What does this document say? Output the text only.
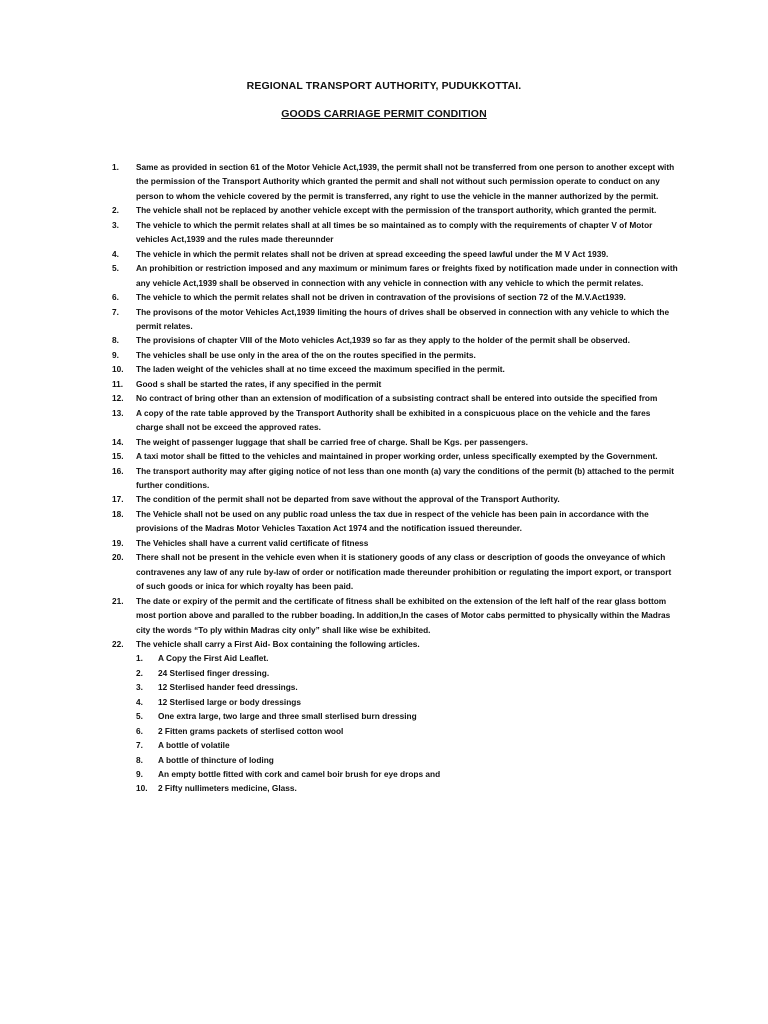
REGIONAL TRANSPORT AUTHORITY, PUDUKKOTTAI.
GOODS CARRIAGE PERMIT CONDITION
1.	Same as provided in section 61 of the Motor Vehicle Act,1939, the permit shall not be transferred from one person to another except with the permission of the Transport Authority which granted the permit and shall not without such permission operate to conduct on any person to whom the vehicle covered by the permit is transferred, any right to use the vehicle in the manner authorized by the permit.
2.	The vehicle shall not be replaced by another vehicle except with the permission of the transport authority, which granted the permit.
3.	The vehicle to which the permit relates shall at all times be so maintained as to comply with the requirements of chapter V of Motor vehicles Act,1939 and the rules made thereunnder
4.	The vehicle in which the permit relates shall not be driven at spread exceeding the speed lawful under the M V Act 1939.
5.	An prohibition or restriction imposed and any maximum or minimum fares or freights fixed by notification made under in connection with any vehicle Act,1939 shall be observed in connection with any vehicle in connection with any vehicle to which the permit relates.
6.	The vehicle to which the permit relates shall not be driven in contravation of the provisions of section 72 of the M.V.Act1939.
7.	The provisons of the motor Vehicles Act,1939 limiting the hours of drives shall be observed in connection with any vehicle to which the permit relates.
8.	The provisions of chapter VIII of the Moto vehicles Act,1939 so far as they apply to the holder of the permit shall be observed.
9.	The vehicles shall be use only in the area of the on the routes specified in the permits.
10.	The laden weight of the vehicles shall at no time exceed the maximum specified in the permit.
11.	Good s shall be started the rates, if any specified in the permit
12.	No contract of bring other than an extension of modification of a subsisting contract shall be entered into outside the specified from
13.	A copy of the rate table approved by the Transport Authority shall be exhibited in a conspicuous place on the vehicle and the fares charge shall not be exceed the approved rates.
14.	The weight of passenger luggage that shall be carried free of charge. Shall be Kgs. per passengers.
15.	A taxi motor shall be fitted to the vehicles and maintained in proper working order, unless specifically exempted by the Government.
16.	The transport authority may after giging notice of not less than one month (a) vary the conditions of the permit (b) attached to the permit further conditions.
17.	The condition of the permit shall not be departed from save without the approval of the Transport Authority.
18.	The Vehicle shall not be used on any public road unless the tax due in respect of the vehicle has been pain in accordance with the provisions of the Madras Motor Vehicles Taxation Act 1974 and the notification issued thereunder.
19.	The Vehicles shall have a current valid certificate of fitness
20.	There shall not be present in the vehicle even when it is stationery goods of any class or description of goods the onveyance of which contravenes any law of any rule by-law of order or notification made thereunder prohibition or regulating the import export, or transport of such goods or inica for which royalty has been paid.
21.	The date or expiry of the permit and the certificate of fitness shall be exhibited on the extension of the left half of the rear glass bottom most portion above and paralled to the rubber boading. In addition,In the cases of Motor cabs permitted to physically within the Madras city the words “To ply within Madras city only” shall like wise be exhibited.
22.	The vehicle shall carry a First Aid- Box containing the following articles.
1.	A Copy the First Aid Leaflet.
2.	24 Sterlised finger dressing.
3.	12 Sterlised hander feed dressings.
4.	12 Sterlised large or body dressings
5.	One extra large, two large and three small sterlised burn dressing
6.	2 Fitten grams packets of sterlised cotton wool
7.	A bottle of volatile
8.	A bottle of thincture of loding
9.	An empty bottle fitted with cork and camel boir brush for eye drops and
10.	2 Fifty nullimeters medicine, Glass.
